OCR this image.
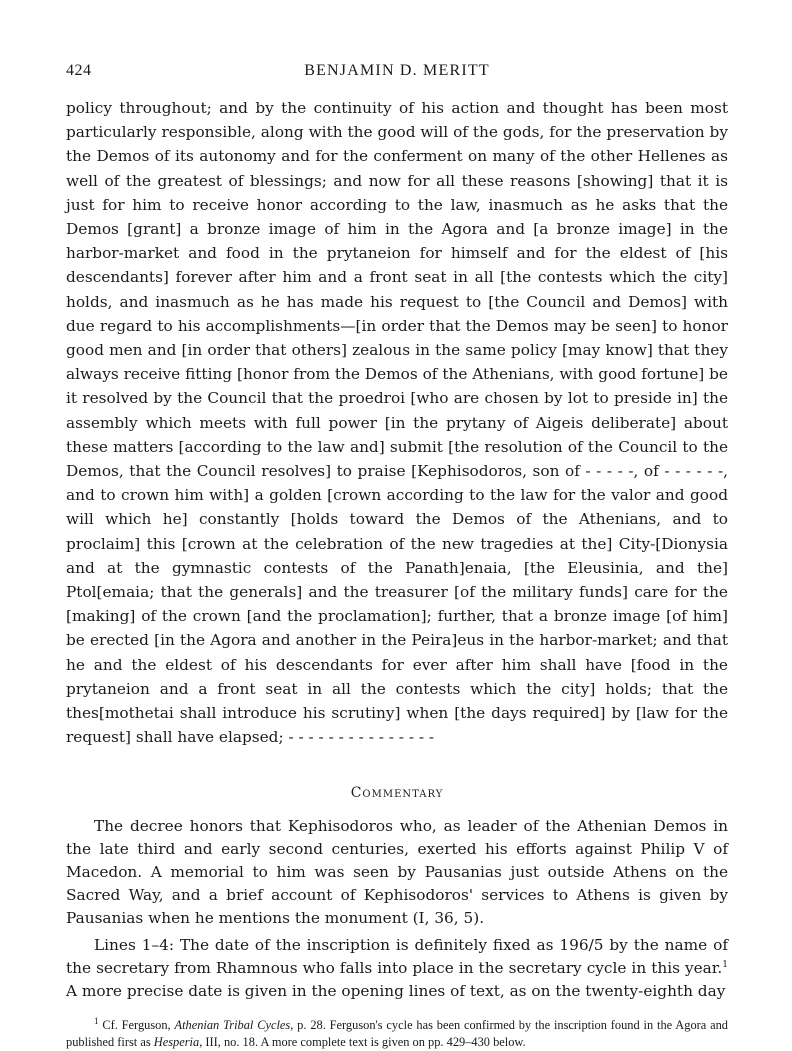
424	BENJAMIN D. MERITT

policy throughout; and by the continuity of his action and thought has been most particularly responsible, along with the good will of the gods, for the preservation by the Demos of its autonomy and for the conferment on many of the other Hellenes as well of the greatest of blessings; and now for all these reasons [showing] that it is just for him to receive honor according to the law, inasmuch as he asks that the Demos [grant] a bronze image of him in the Agora and [a bronze image] in the harbor-market and food in the prytaneion for himself and for the eldest of [his descendants] forever after him and a front seat in all [the contests which the city] holds, and inasmuch as he has made his request to [the Council and Demos] with due regard to his accomplishments—[in order that the Demos may be seen] to honor good men and [in order that others] zealous in the same policy [may know] that they always receive fitting [honor from the Demos of the Athenians, with good fortune] be it resolved by the Council that the proedroi [who are chosen by lot to preside in] the assembly which meets with full power [in the prytany of Aigeis deliberate] about these matters [according to the law and] submit [the resolution of the Council to the Demos, that the Council resolves] to praise [Kephisodoros, son of - - - - -, of - - - - - -, and to crown him with] a golden [crown according to the law for the valor and good will which he] constantly [holds toward the Demos of the Athenians, and to proclaim] this [crown at the celebration of the new tragedies at the] City-[Dionysia and at the gymnastic contests of the Panath]enaia, [the Eleusinia, and the] Ptol[emaia; that the generals] and the treasurer [of the military funds] care for the [making] of the crown [and the proclamation]; further, that a bronze image [of him] be erected [in the Agora and another in the Peira]eus in the harbor-market; and that he and the eldest of his descendants for ever after him shall have [food in the prytaneion and a front seat in all the contests which the city] holds; that the thes[mothetai shall introduce his scrutiny] when [the days required] by [law for the request] shall have elapsed; - - - - - - - - - - - - - - -

Commentary

The decree honors that Kephisodoros who, as leader of the Athenian Demos in the late third and early second centuries, exerted his efforts against Philip V of Macedon. A memorial to him was seen by Pausanias just outside Athens on the Sacred Way, and a brief account of Kephisodoros' services to Athens is given by Pausanias when he mentions the monument (I, 36, 5).

Lines 1–4: The date of the inscription is definitely fixed as 196/5 by the name of the secretary from Rhamnous who falls into place in the secretary cycle in this year.$^1$ A more precise date is given in the opening lines of text, as on the twenty-eighth day

$^1$ Cf. Ferguson, Athenian Tribal Cycles, p. 28. Ferguson's cycle has been confirmed by the inscription found in the Agora and published first as Hesperia, III, no. 18. A more complete text is given on pp. 429–430 below.
